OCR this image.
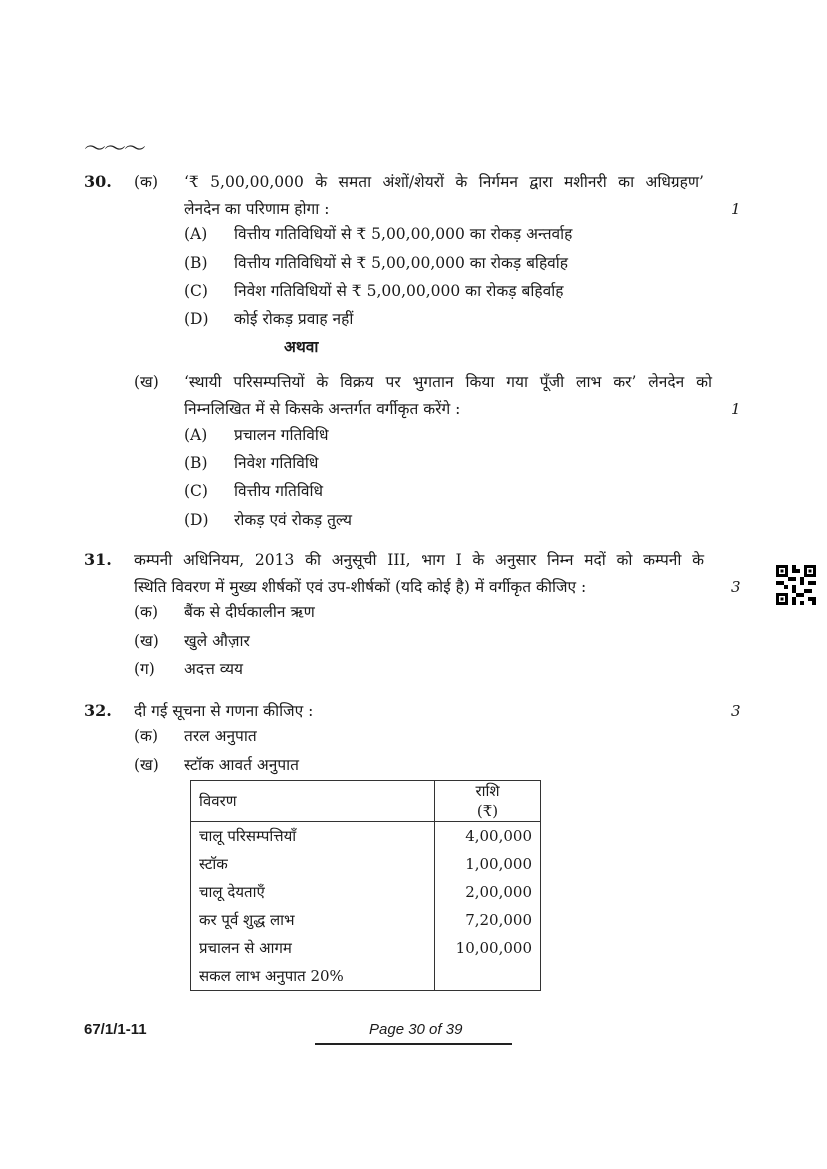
〜〜〜
30. (क) ‘₹ 5,00,00,000 के समता अंशों/शेयरों के निर्गमन द्वारा मशीनरी का अधिग्रहण’
लेनदेन का परिणाम होगा :	1
(A) वित्तीय गतिविधियों से ₹ 5,00,00,000 का रोकड़ अन्तर्वाह
(B) वित्तीय गतिविधियों से ₹ 5,00,00,000 का रोकड़ बहिर्वाह
(C) निवेश गतिविधियों से ₹ 5,00,00,000 का रोकड़ बहिर्वाह
(D) कोई रोकड़ प्रवाह नहीं
अथवा
(ख) ‘स्थायी परिसम्पत्तियों के विक्रय पर भुगतान किया गया पूँजी लाभ कर’ लेनदेन को
निम्नलिखित में से किसके अन्तर्गत वर्गीकृत करेंगे :	1
(A) प्रचालन गतिविधि
(B) निवेश गतिविधि
(C) वित्तीय गतिविधि
(D) रोकड़ एवं रोकड़ तुल्य
31. कम्पनी अधिनियम, 2013 की अनुसूची III, भाग I के अनुसार निम्न मदों को कम्पनी के
स्थिति विवरण में मुख्य शीर्षकों एवं उप-शीर्षकों (यदि कोई है) में वर्गीकृत कीजिए :	3
(क) बैंक से दीर्घकालीन ऋण
(ख) खुले औज़ार
(ग) अदत्त व्यय
32. दी गई सूचना से गणना कीजिए :	3
(क) तरल अनुपात
(ख) स्टॉक आवर्त अनुपात
विवरण	राशि
(₹)

चालू परिसम्पत्तियाँ	4,00,000
स्टॉक	1,00,000
चालू देयताएँ	2,00,000
कर पूर्व शुद्ध लाभ	7,20,000
प्रचालन से आगम	10,00,000
सकल लाभ अनुपात 20%	
67/1/1-11	Page 30 of 39
